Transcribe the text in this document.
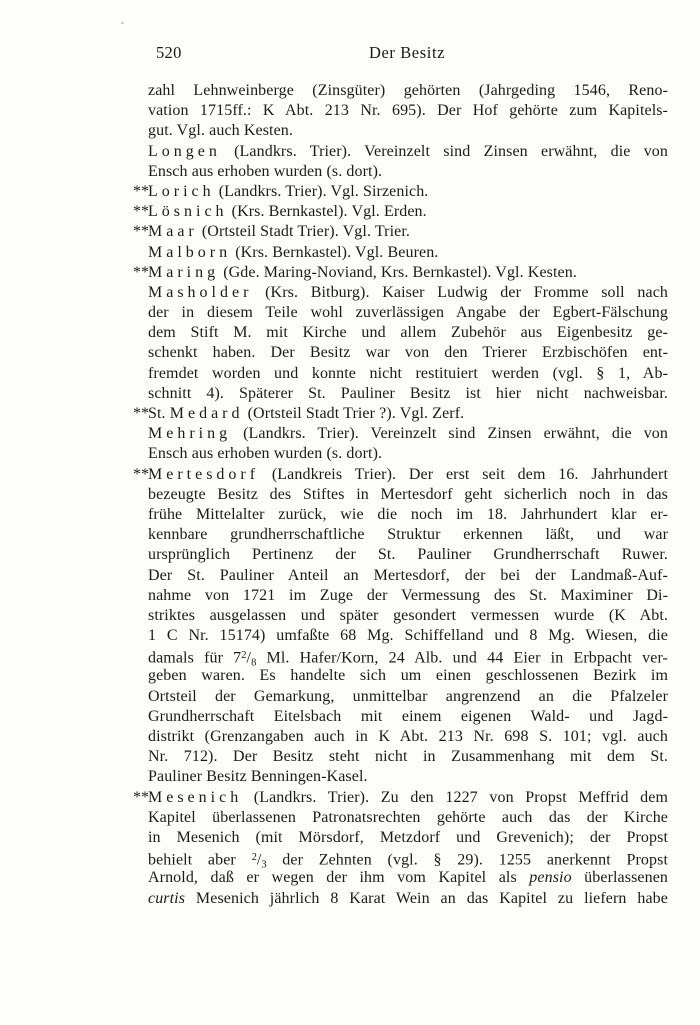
520	Der Besitz
zahl Lehnweinberge (Zinsgüter) gehörten (Jahrgeding 1546, Reno-
vation 1715ff.: K Abt. 213 Nr. 695). Der Hof gehörte zum Kapitels-
gut. Vgl. auch Kesten.
Longen (Landkrs. Trier). Vereinzelt sind Zinsen erwähnt, die von
Ensch aus erhoben wurden (s. dort).
**Lorich (Landkrs. Trier). Vgl. Sirzenich.
**Lösnich (Krs. Bernkastel). Vgl. Erden.
**Maar (Ortsteil Stadt Trier). Vgl. Trier.
Malborn (Krs. Bernkastel). Vgl. Beuren.
**Maring (Gde. Maring-Noviand, Krs. Bernkastel). Vgl. Kesten.
Masholder (Krs. Bitburg). Kaiser Ludwig der Fromme soll nach
der in diesem Teile wohl zuverlässigen Angabe der Egbert-Fälschung
dem Stift M. mit Kirche und allem Zubehör aus Eigenbesitz ge-
schenkt haben. Der Besitz war von den Trierer Erzbischöfen ent-
fremdet worden und konnte nicht restituiert werden (vgl. § 1, Ab-
schnitt 4). Späterer St. Pauliner Besitz ist hier nicht nachweisbar.
**St. Medard (Ortsteil Stadt Trier ?). Vgl. Zerf.
Mehring (Landkrs. Trier). Vereinzelt sind Zinsen erwähnt, die von
Ensch aus erhoben wurden (s. dort).
**Mertesdorf (Landkreis Trier). Der erst seit dem 16. Jahrhundert
bezeugte Besitz des Stiftes in Mertesdorf geht sicherlich noch in das
frühe Mittelalter zurück, wie die noch im 18. Jahrhundert klar er-
kennbare grundherrschaftliche Struktur erkennen läßt, und war
ursprünglich Pertinenz der St. Pauliner Grundherrschaft Ruwer.
Der St. Pauliner Anteil an Mertesdorf, der bei der Landmaß-Auf-
nahme von 1721 im Zuge der Vermessung des St. Maximiner Di-
striktes ausgelassen und später gesondert vermessen wurde (K Abt.
1 C Nr. 15174) umfaßte 68 Mg. Schiffelland und 8 Mg. Wiesen, die
damals für $7^2/8$ Ml. Hafer/Korn, 24 Alb. und 44 Eier in Erbpacht ver-
geben waren. Es handelte sich um einen geschlossenen Bezirk im
Ortsteil der Gemarkung, unmittelbar angrenzend an die Pfalzeler
Grundherrschaft Eitelsbach mit einem eigenen Wald- und Jagd-
distrikt (Grenzangaben auch in K Abt. 213 Nr. 698 S. 101; vgl. auch
Nr. 712). Der Besitz steht nicht in Zusammenhang mit dem St.
Pauliner Besitz Benningen-Kasel.
**Mesenich (Landkrs. Trier). Zu den 1227 von Propst Meffrid dem
Kapitel überlassenen Patronatsrechten gehörte auch das der Kirche
in Mesenich (mit Mörsdorf, Metzdorf und Grevenich); der Propst
behielt aber $^2$/3 der Zehnten (vgl. § 29). 1255 anerkennt Propst
Arnold, daß er wegen der ihm vom Kapitel als pensio überlassenen
curtis Mesenich jährlich 8 Karat Wein an das Kapitel zu liefern habe
